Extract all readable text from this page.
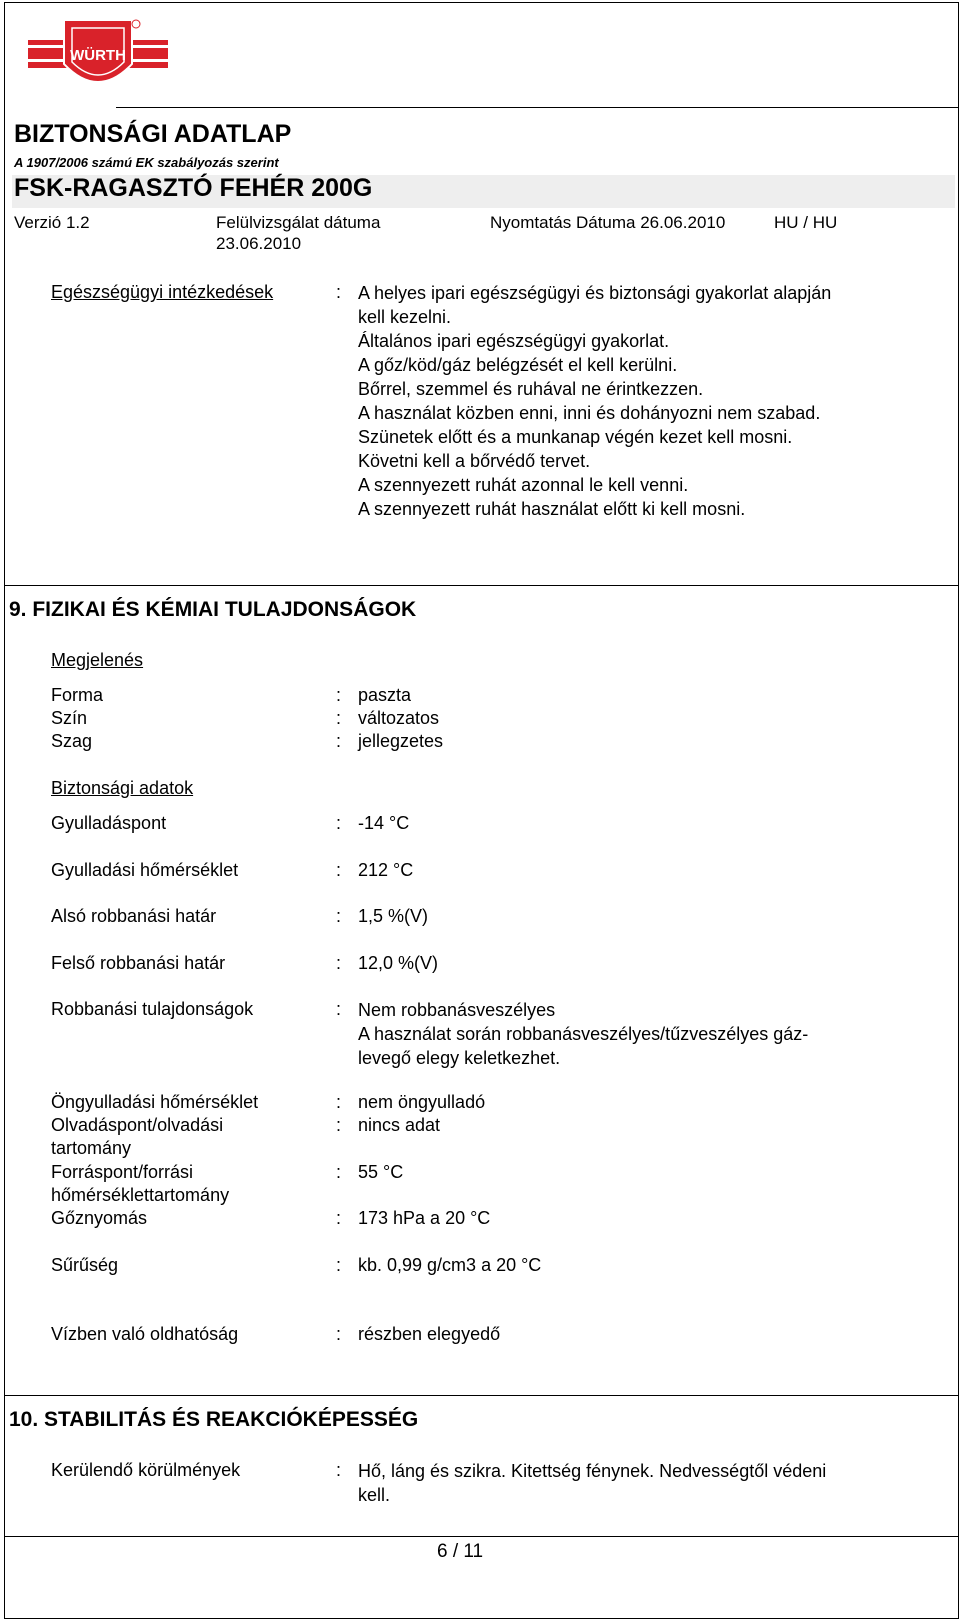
WÜRTH
BIZTONSÁGI ADATLAP
A 1907/2006 számú EK szabályozás szerint
FSK-RAGASZTÓ FEHÉR 200G
Verzió 1.2	Felülvizsgálat dátuma
23.06.2010
Nyomtatás Dátuma 26.06.2010	HU / HU
Egészségügyi intézkedések	: A helyes ipari egészségügyi és biztonsági gyakorlat alapján
kell kezelni.
Általános ipari egészségügyi gyakorlat.
A gőz/köd/gáz belégzését el kell kerülni.
Bőrrel, szemmel és ruhával ne érintkezzen.
A használat közben enni, inni és dohányozni nem szabad.
Szünetek előtt és a munkanap végén kezet kell mosni.
Követni kell a bőrvédő tervet.
A szennyezett ruhát azonnal le kell venni.
A szennyezett ruhát használat előtt ki kell mosni.
9. FIZIKAI ÉS KÉMIAI TULAJDONSÁGOK
Megjelenés
Forma	: paszta
Szín	: változatos
Szag	: jellegzetes
Biztonsági adatok
Gyulladáspont	: -14 °C
Gyulladási hőmérséklet	: 212 °C
Alsó robbanási határ	: 1,5 %(V)
Felső robbanási határ	: 12,0 %(V)
Robbanási tulajdonságok	: Nem robbanásveszélyes
A használat során robbanásveszélyes/tűzveszélyes gáz-
levegő elegy keletkezhet.
Öngyulladási hőmérséklet	: nem öngyulladó
Olvadáspont/olvadási
tartomány
: nincs adat
Forráspont/forrási
hőmérséklettartomány
: 55 °C
Gőznyomás	: 173 hPa a 20 °C
Sűrűség	: kb. 0,99 g/cm3 a 20 °C
Vízben való oldhatóság	: részben elegyedő
10. STABILITÁS ÉS REAKCIÓKÉPESSÉG
Kerülendő körülmények	: Hő, láng és szikra. Kitettség fénynek. Nedvességtől védeni
kell.
6 / 11
